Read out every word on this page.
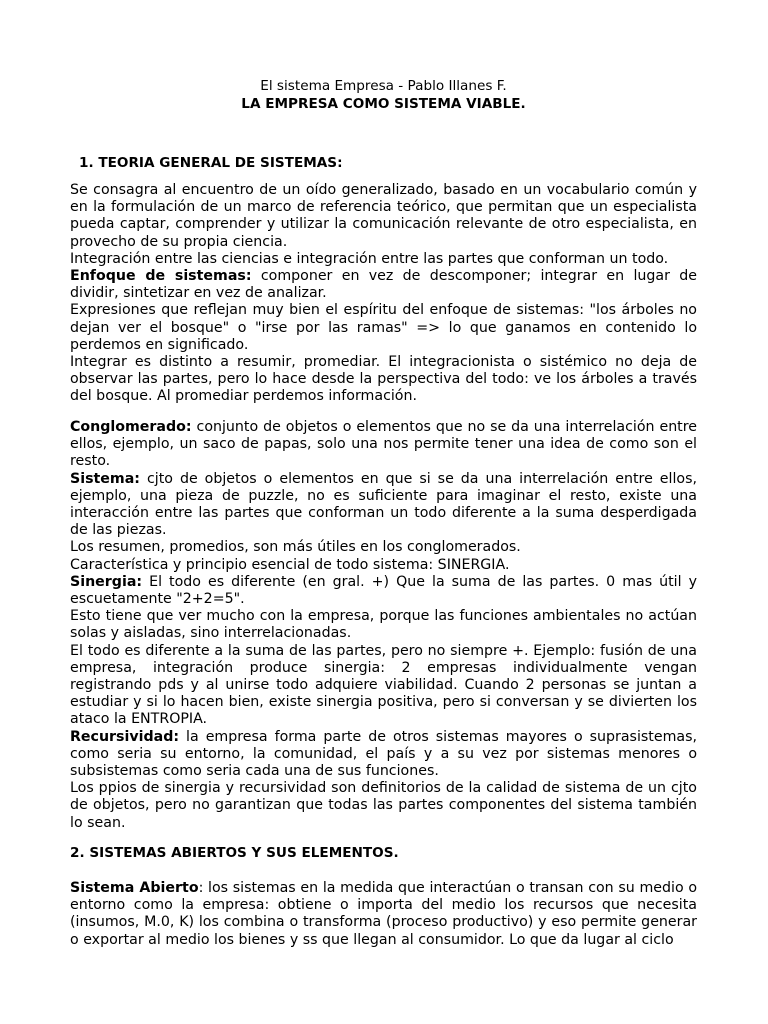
El sistema Empresa - Pablo Illanes F.
LA EMPRESA COMO SISTEMA VIABLE.
1. TEORIA GENERAL DE SISTEMAS:

Se consagra al encuentro de un oído generalizado, basado en un vocabulario común y en la formulación de un marco de referencia teórico, que permitan que un especialista pueda captar, comprender y utilizar la comunicación relevante de otro especialista, en provecho de su propia ciencia.

Integración entre las ciencias e integración entre las partes que conforman un todo.

Enfoque de sistemas: componer en vez de descomponer; integrar en lugar de dividir, sintetizar en vez de analizar.

Expresiones que reflejan muy bien el espíritu del enfoque de sistemas: "los árboles no dejan ver el bosque" o "irse por las ramas" => lo que ganamos en contenido lo perdemos en significado.

Integrar es distinto a resumir, promediar. El integracionista o sistémico no deja de observar las partes, pero lo hace desde la perspectiva del todo: ve los árboles a través del bosque. Al promediar perdemos información.

Conglomerado: conjunto de objetos o elementos que no se da una interrelación entre ellos, ejemplo, un saco de papas, solo una nos permite tener una idea de como son el resto.

Sistema: cjto de objetos o elementos en que si se da una interrelación entre ellos, ejemplo, una pieza de puzzle, no es suficiente para imaginar el resto, existe una interacción entre las partes que conforman un todo diferente a la suma desperdigada de las piezas.

Los resumen, promedios, son más útiles en los conglomerados.

Característica y principio esencial de todo sistema: SINERGIA.

Sinergia: El todo es diferente (en gral. +) Que la suma de las partes. 0 mas útil y escuetamente "2+2=5".

Esto tiene que ver mucho con la empresa, porque las funciones ambientales no actúan solas y aisladas, sino interrelacionadas.

El todo es diferente a la suma de las partes, pero no siempre +. Ejemplo: fusión de una empresa, integración produce sinergia: 2 empresas individualmente vengan registrando pds y al unirse todo adquiere viabilidad. Cuando 2 personas se juntan a estudiar y si lo hacen bien, existe sinergia positiva, pero si conversan y se divierten los ataco la ENTROPIA.

Recursividad: la empresa forma parte de otros sistemas mayores o suprasistemas, como seria su entorno, la comunidad, el país y a su vez por sistemas menores o subsistemas como seria cada una de sus funciones.

Los ppios de sinergia y recursividad son definitorios de la calidad de sistema de un cjto de objetos, pero no garantizan que todas las partes componentes del sistema también lo sean.

2. SISTEMAS ABIERTOS Y SUS ELEMENTOS.

Sistema Abierto: los sistemas en la medida que interactúan o transan con su medio o entorno como la empresa: obtiene o importa del medio los recursos que necesita (insumos, M.0, K) los combina o transforma (proceso productivo) y eso permite generar o exportar al medio los bienes y ss que llegan al consumidor. Lo que da lugar al ciclo
